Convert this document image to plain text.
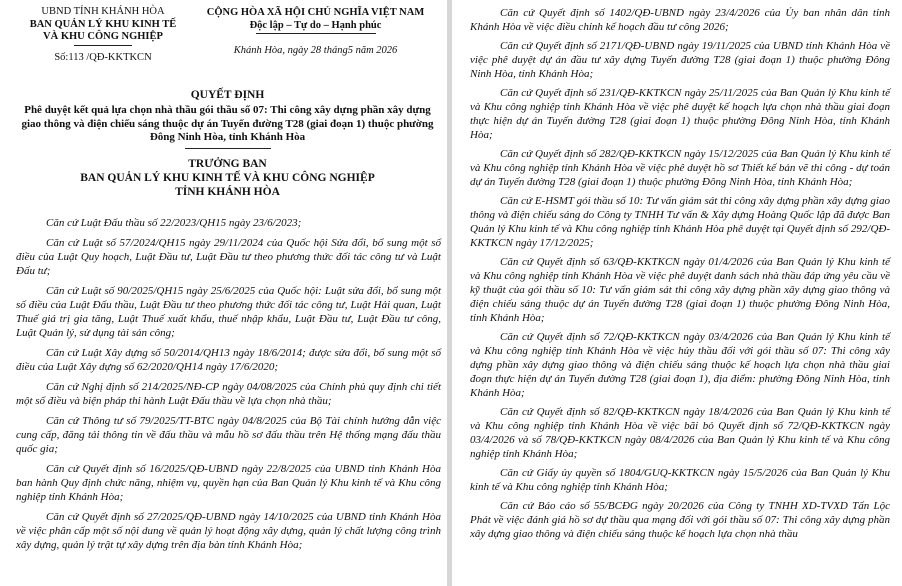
UBND TỈNH KHÁNH HÒA
BAN QUẢN LÝ KHU KINH TẾ
VÀ KHU CÔNG NGHIỆP
Số:113 /QĐ-KKTKCN
CỘNG HÒA XÃ HỘI CHỦ NGHĨA VIỆT NAM
Độc lập – Tự do – Hạnh phúc
Khánh Hòa, ngày 28 tháng5 năm 2026
QUYẾT ĐỊNH
Phê duyệt kết quả lựa chọn nhà thầu gói thầu số 07: Thi công xây dựng phần xây dựng giao thông và điện chiếu sáng thuộc dự án Tuyến đường T28 (giai đoạn 1) thuộc phường Đông Ninh Hòa, tỉnh Khánh Hòa
TRƯỞNG BAN
BAN QUẢN LÝ KHU KINH TẾ VÀ KHU CÔNG NGHIỆP
TỈNH KHÁNH HÒA

Căn cứ Luật Đấu thầu số 22/2023/QH15 ngày 23/6/2023;

Căn cứ Luật số 57/2024/QH15 ngày 29/11/2024 của Quốc hội Sửa đổi, bổ sung một số điều của Luật Quy hoạch, Luật Đầu tư, Luật Đầu tư theo phương thức đối tác công tư và Luật Đấu tư;

Căn cứ Luật số 90/2025/QH15 ngày 25/6/2025 của Quốc hội: Luật sửa đổi, bổ sung một số điều của Luật Đấu thầu, Luật Đầu tư theo phương thức đối tác công tư, Luật Hải quan, Luật Thuế giá trị gia tăng, Luật Thuế xuất khẩu, thuế nhập khẩu, Luật Đầu tư, Luật Đầu tư công, Luật Quản lý, sử dụng tài sản công;

Căn cứ Luật Xây dựng số 50/2014/QH13 ngày 18/6/2014; được sửa đổi, bổ sung một số điều của Luật Xây dựng số 62/2020/QH14 ngày 17/6/2020;

Căn cứ Nghị định số 214/2025/NĐ-CP ngày 04/08/2025 của Chính phủ quy định chi tiết một số điều và biện pháp thi hành Luật Đấu thầu về lựa chọn nhà thầu;

Căn cứ Thông tư số 79/2025/TT-BTC ngày 04/8/2025 của Bộ Tài chính hướng dẫn việc cung cấp, đăng tải thông tin về đấu thầu và mẫu hồ sơ đấu thầu trên Hệ thống mạng đấu thầu quốc gia;

Căn cứ Quyết định số 16/2025/QĐ-UBND ngày 22/8/2025 của UBND tỉnh Khánh Hòa ban hành Quy định chức năng, nhiệm vụ, quyền hạn của Ban Quản lý Khu kinh tế và Khu công nghiệp tỉnh Khánh Hòa;

Căn cứ Quyết định số 27/2025/QĐ-UBND ngày 14/10/2025 của UBND tỉnh Khánh Hòa về việc phân cấp một số nội dung về quản lý hoạt động xây dựng, quản lý chất lượng công trình xây dựng, quản lý trật tự xây dựng trên địa bàn tỉnh Khánh Hòa;

Căn cứ Quyết định số 1402/QĐ-UBND ngày 23/4/2026 của Ủy ban nhân dân tỉnh Khánh Hòa về việc điều chỉnh kế hoạch đầu tư công 2026;

Căn cứ Quyết định số 2171/QĐ-UBND ngày 19/11/2025 của UBND tỉnh Khánh Hòa về việc phê duyệt dự án đầu tư xây dựng Tuyến đường T28 (giai đoạn 1) thuộc phường Đông Ninh Hòa, tỉnh Khánh Hòa;

Căn cứ Quyết định số 231/QĐ-KKTKCN ngày 25/11/2025 của Ban Quản lý Khu kinh tế và Khu công nghiệp tỉnh Khánh Hòa về việc phê duyệt kế hoạch lựa chọn nhà thầu giai đoạn thực hiện dự án Tuyến đường T28 (giai đoạn 1) thuộc phường Đông Ninh Hòa, tỉnh Khánh Hòa;

Căn cứ Quyết định số 282/QĐ-KKTKCN ngày 15/12/2025 của Ban Quản lý Khu kinh tế và Khu công nghiệp tỉnh Khánh Hòa về việc phê duyệt hồ sơ Thiết kế bản vẽ thi công - dự toán dự án Tuyến đường T28 (giai đoạn 1) thuộc phường Đông Ninh Hòa, tỉnh Khánh Hòa;

Căn cứ E-HSMT gói thầu số 10: Tư vấn giám sát thi công xây dựng phần xây dựng giao thông và điện chiếu sáng do Công ty TNHH Tư vấn & Xây dựng Hoàng Quốc lập đã được Ban Quản lý Khu kinh tế và Khu công nghiệp tỉnh Khánh Hòa phê duyệt tại Quyết định số 292/QĐ-KKTKCN ngày 17/12/2025;

Căn cứ Quyết định số 63/QĐ-KKTKCN ngày 01/4/2026 của Ban Quản lý Khu kinh tế và Khu công nghiệp tỉnh Khánh Hòa về việc phê duyệt danh sách nhà thầu đáp ứng yêu cầu về kỹ thuật của gói thầu số 10: Tư vấn giám sát thi công xây dựng phần xây dựng giao thông và điện chiếu sáng thuộc dự án Tuyến đường T28 (giai đoạn 1) thuộc phường Đông Ninh Hòa, tỉnh Khánh Hòa;

Căn cứ Quyết định số 72/QĐ-KKTKCN ngày 03/4/2026 của Ban Quản lý Khu kinh tế và Khu công nghiệp tỉnh Khánh Hòa về việc hủy thầu đối với gói thầu số 07: Thi công xây dựng phần xây dựng giao thông và điện chiếu sáng thuộc kế hoạch lựa chọn nhà thầu giai đoạn thực hiện dự án Tuyến đường T28 (giai đoạn 1), địa điểm: phường Đông Ninh Hòa, tỉnh Khánh Hòa;

Căn cứ Quyết định số 82/QĐ-KKTKCN ngày 18/4/2026 của Ban Quản lý Khu kinh tế và Khu công nghiệp tỉnh Khánh Hòa về việc bãi bỏ Quyết định số 72/QĐ-KKTKCN ngày 03/4/2026 và số 78/QĐ-KKTKCN ngày 08/4/2026 của Ban Quản lý Khu kinh tế và Khu công nghiệp tỉnh Khánh Hòa;

Căn cứ Giấy ủy quyền số 1804/GUQ-KKTKCN ngày 15/5/2026 của Ban Quản lý Khu kinh tế và Khu công nghiệp tỉnh Khánh Hòa;

Căn cứ Báo cáo số 55/BCĐG ngày 20/2026 của Công ty TNHH XD-TVXD Tấn Lộc Phát về việc đánh giá hồ sơ dự thầu qua mạng đối với gói thầu số 07: Thi công xây dựng phần xây dựng giao thông và điện chiếu sáng thuộc kế hoạch lựa chọn nhà thầu
